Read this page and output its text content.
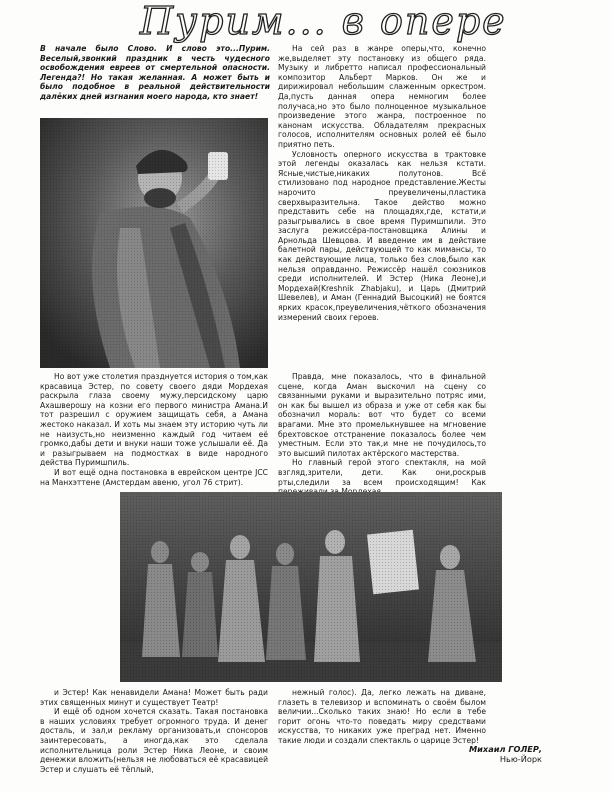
Пурим... в опере
В начале было Слово. И слово это...Пурим. Веселый,звонкий праздник в честь чудесного освобождения евреев от смертельной опасности. Легенда?! Но такая желанная. А может быть и было подобное в реальной действительности далёких дней изгнания моего народа, кто знает!
На сей раз в жанре оперы,что, конечно же,выделяет эту постановку из общего ряда. Музыку и либретто написал профессиональный композитор Альберт Марков. Он же и дирижировал небольшим слаженным оркестром. Да,пусть данная опера немногим более получаса,но это было полноценное музыкальное произведение этого жанра, построенное по канонам искусства. Обладателям прекрасных голосов, исполнителям основных ролей её было приятно петь.
Условность оперного искусства в трактовке этой легенды оказалась как нельзя кстати. Ясные,чистые,никаких полутонов. Всё стилизовано под народное представление.Жесты нарочито преувеличены,пластика сверхвыразительна. Такое действо можно представить себе на площадях,где, кстати,и разыгрывались в свое время Пуримшпили. Это заслуга режиссёра-постановщика Алины и Арнольда Шевцова. И введение им в действие балетной пары, действующей то как мимансы, то как действующие лица, только без слов,было как нельзя оправданно. Режиссёр нашёл союзников среди исполнителей. И Эстер (Ника Леоне),и Мордехай(Kreshnik Zhabjaku), и Царь (Дмитрий Шевелев), и Аман (Геннадий Высоцкий) не боятся ярких красок,преувеличения,чёткого обозначения измерений своих героев.
Но вот уже столетия празднуется история о том,как красавица Эстер, по совету своего дяди Мордехая раскрыла глаза своему мужу,персидскому царю Ахашверошу на козни его первого министра Амана.И тот разрешил с оружием защищать себя, а Амана жестоко наказал. И хоть мы знаем эту историю чуть ли не наизусть,но неизменно каждый год читаем её громко,дабы дети и внуки наши тоже услышали её. Да и разыгрываем на подмостках в виде народного действа Пуримшпиль.
И вот ещё одна постановка в еврейском центре JCC на Манхэттене (Амстердам авеню, угол 76 стрит).
Правда, мне показалось, что в финальной сцене, когда Аман выскочил на сцену со связанными руками и выразительно потряс ими, он как бы вышел из образа и уже от себя как бы обозначил мораль: вот что будет со всеми врагами. Мне это промелькнувшее на мгновение брехтовское отстранение показалось более чем уместным. Если это так,и мне не почудилось,то это высший пилотах актёрского мастерства.
Но главный герой этого спектакля, на мой взгляд,зрители, дети. Как они,роскрыв рты,следили за всем происходящим! Как
и Эстер! Как ненавидели Амана! Может быть ради этих священных минут и существует Театр!
И ещё об одном хочется сказать. Такая постановка в наших условиях требует огромного труда. И денег досталь, и зал,и рекламу организовать,и спонсоров заинтересовать, а иногда,как это сделала исполнительница роли Эстер Ника Леоне, и своим денежки вложить(нельзя не любоваться её красавицей Эстер и слушать её тёплый,
нежный голос). Да, легко лежать на диване, глазеть в телевизор и вспоминать о своём былом величии...Сколько таких знаю! Но если в тебе горит огонь что-то поведать миру средствами искусства, то никаких уже преград нет. Именно такие люди и создали спектакль о царице Эстер!
Михаил ГОЛЕР,
Нью-Йорк
